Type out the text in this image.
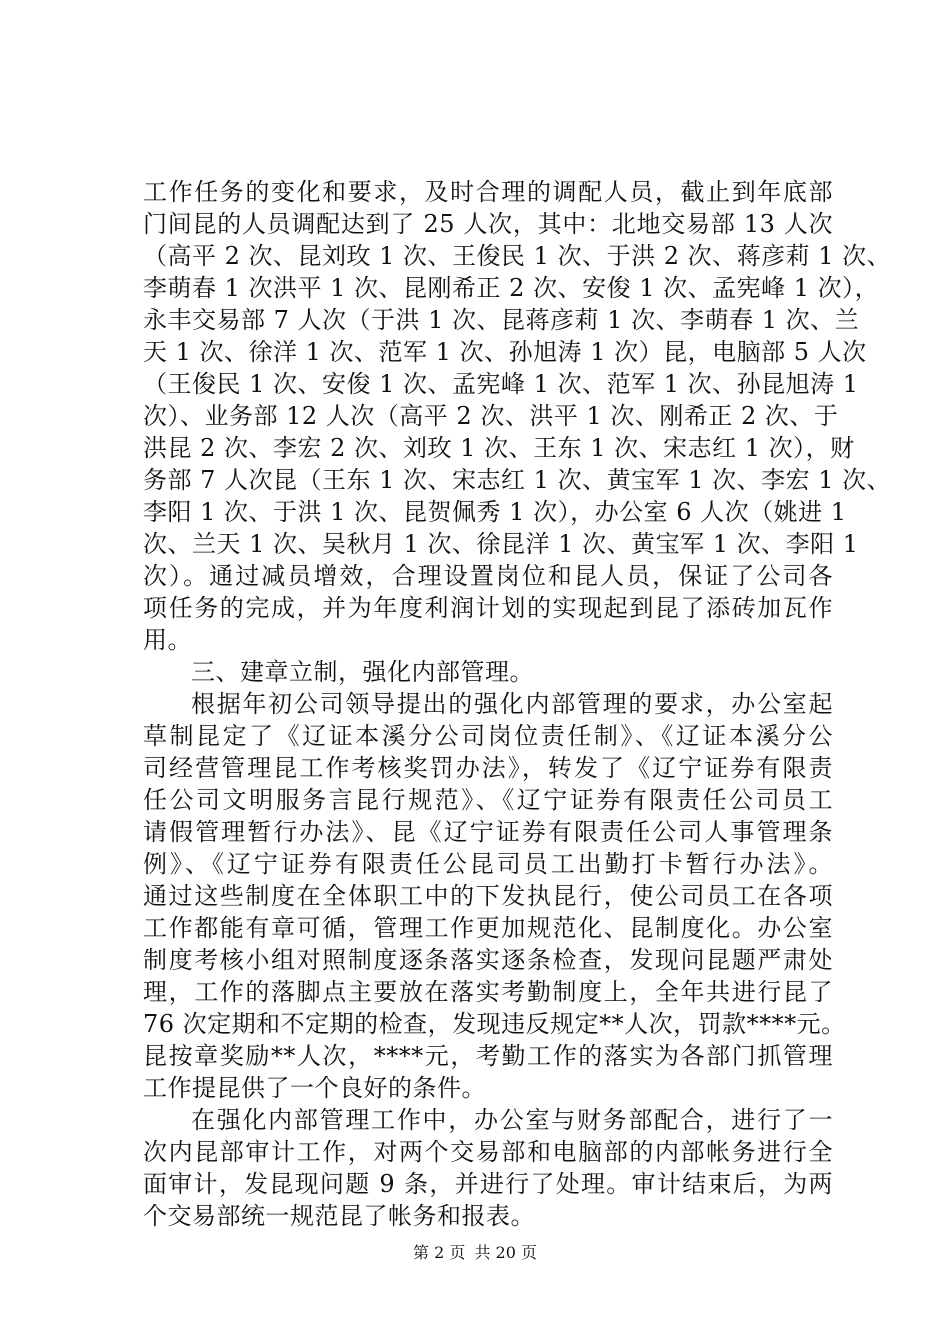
工作任务的变化和要求，及时合理的调配人员，截止到年底部
门间昆的人员调配达到了 25 人次，其中：北地交易部 13 人次
（高平 2 次、昆刘玫 1 次、王俊民 1 次、于洪 2 次、蒋彦莉 1 次、
李萌春 1 次洪平 1 次、昆刚希正 2 次、安俊 1 次、孟宪峰 1 次），
永丰交易部 7 人次（于洪 1 次、昆蒋彦莉 1 次、李萌春 1 次、兰
天 1 次、徐洋 1 次、范军 1 次、孙旭涛 1 次）昆，电脑部 5 人次
（王俊民 1 次、安俊 1 次、孟宪峰 1 次、范军 1 次、孙昆旭涛 1
次）、业务部 12 人次（高平 2 次、洪平 1 次、刚希正 2 次、于
洪昆 2 次、李宏 2 次、刘玫 1 次、王东 1 次、宋志红 1 次），财
务部 7 人次昆（王东 1 次、宋志红 1 次、黄宝军 1 次、李宏 1 次、
李阳 1 次、于洪 1 次、昆贺佩秀 1 次），办公室 6 人次（姚进 1
次、兰天 1 次、吴秋月 1 次、徐昆洋 1 次、黄宝军 1 次、李阳 1
次）。通过减员增效，合理设置岗位和昆人员，保证了公司各
项任务的完成，并为年度利润计划的实现起到昆了添砖加瓦作
用。
三、建章立制，强化内部管理。
根据年初公司领导提出的强化内部管理的要求，办公室起
草制昆定了《辽证本溪分公司岗位责任制》、《辽证本溪分公
司经营管理昆工作考核奖罚办法》，转发了《辽宁证券有限责
任公司文明服务言昆行规范》、《辽宁证券有限责任公司员工
请假管理暂行办法》、昆《辽宁证券有限责任公司人事管理条
例》、《辽宁证券有限责任公昆司员工出勤打卡暂行办法》。
通过这些制度在全体职工中的下发执昆行，使公司员工在各项
工作都能有章可循，管理工作更加规范化、昆制度化。办公室
制度考核小组对照制度逐条落实逐条检查，发现问昆题严肃处
理，工作的落脚点主要放在落实考勤制度上，全年共进行昆了
76 次定期和不定期的检查，发现违反规定**人次，罚款****元。
昆按章奖励**人次，****元，考勤工作的落实为各部门抓管理
工作提昆供了一个良好的条件。
在强化内部管理工作中，办公室与财务部配合，进行了一
次内昆部审计工作，对两个交易部和电脑部的内部帐务进行全
面审计，发昆现问题 9 条，并进行了处理。审计结束后，为两
个交易部统一规范昆了帐务和报表。
第 2 页 共 20 页
